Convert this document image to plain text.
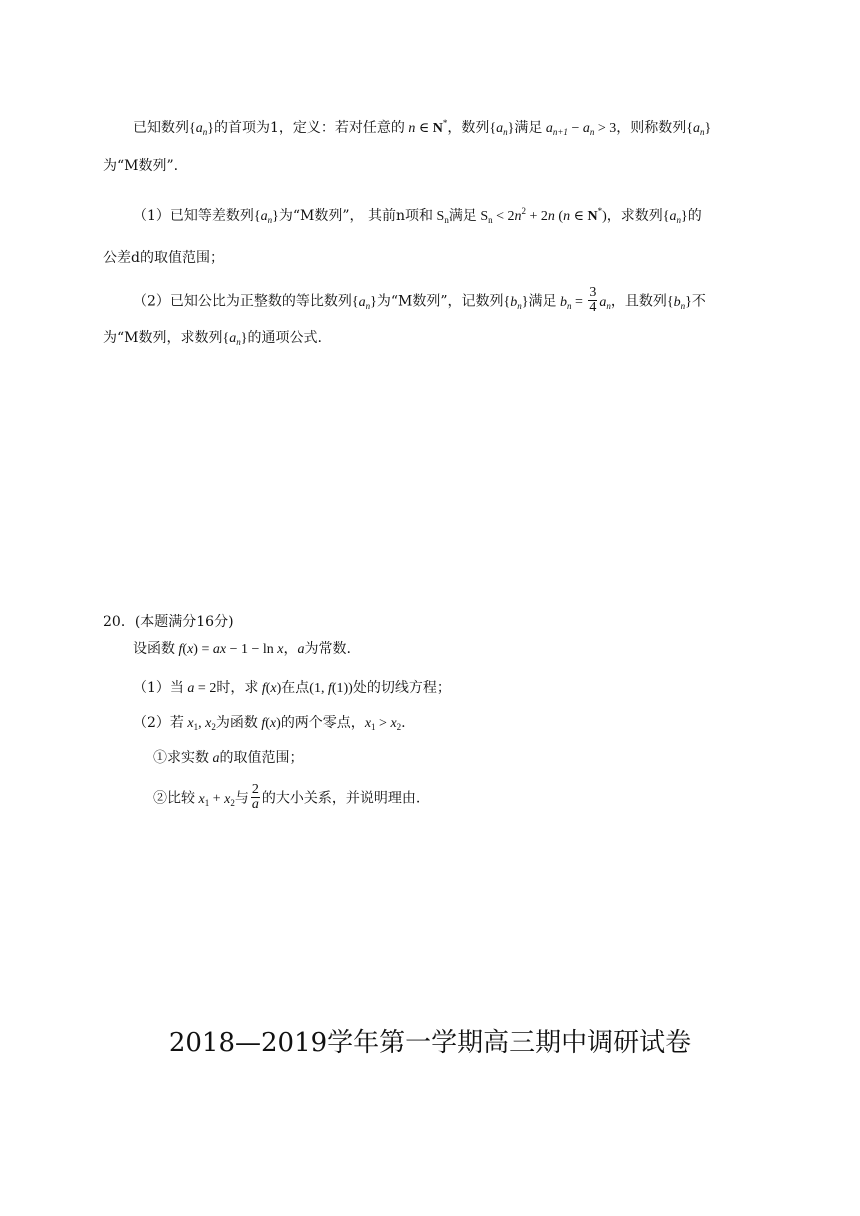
已知数列$\{a_n\}$的首项为1，定义：若对任意的 n ∈ N*，数列$\{a_n\}$满足 $a_{n+1} - a_n > 3$，则称数列$\{a_n\}$
为“M数列”.
（1）已知等差数列$\{a_n\}$为“M数列”， 其前n项和 $S_n$满足 $S_n < 2n^2 + 2n$ (n ∈ N*)，求数列$\{a_n\}$的
公差d的取值范围；
（2）已知公比为正整数的等比数列$\{a_n\}$为“M数列”，记数列$\{b_n\}$满足 $b_n = \frac{3}{4} a_n$，且数列$\{b_n\}$不
为“M数列，求数列$\{a_n\}$的通项公式.
20．(本题满分16分)
设函数 f(x) = ax − 1 − ln x，a为常数.
（1）当 a = 2时，求 f(x)在点(1, f(1))处的切线方程；
（2）若 $x_1$, $x_2$为函数 f(x)的两个零点，$x_1 > x_2$.
①求实数 a的取值范围；
②比较 $x_1 + x_2$与 $\frac{2}{a}$ 的大小关系，并说明理由.
2018—2019学年第一学期高三期中调研试卷
